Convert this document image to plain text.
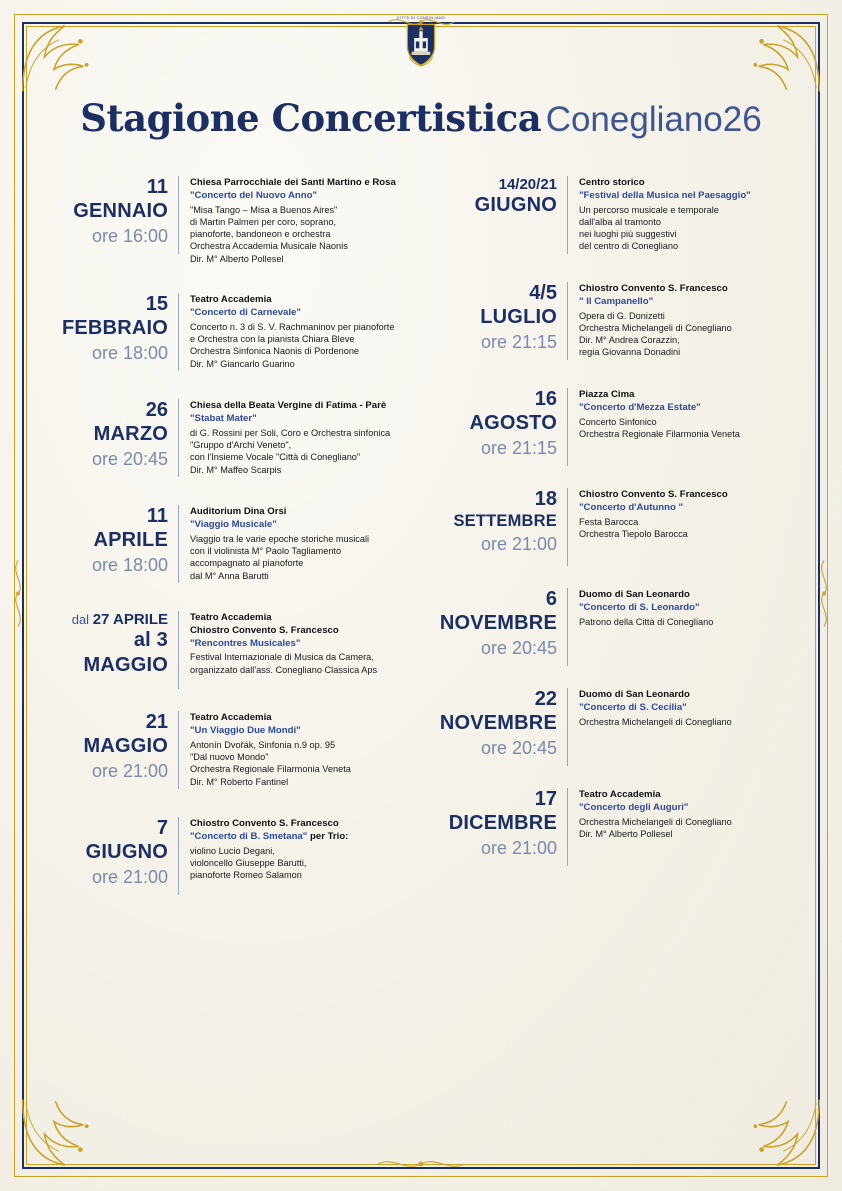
CITTÀ DI CONEGLIANO
Stagione Concertistica Conegliano26
11
GENNAIO
ore 16:00
Chiesa Parrocchiale dei Santi Martino e Rosa
"Concerto del Nuovo Anno"
"Misa Tango – Misa a Buenos Aires"
di Martin Palmeri per coro, soprano,
pianoforte, bandoneon e orchestra
Orchestra Accademia Musicale Naonis
Dir. M° Alberto Pollesel
15
FEBBRAIO
ore 18:00
Teatro Accademia
"Concerto di Carnevale"
Concerto n. 3 di S. V. Rachmaninov per pianoforte
e Orchestra con la pianista Chiara Bleve
Orchestra Sinfonica Naonis di Pordenone
Dir. M° Giancarlo Guarino
26
MARZO
ore 20:45
Chiesa della Beata Vergine di Fatima - Parè
"Stabat Mater"
di G. Rossini per Soli, Coro e Orchestra sinfonica
"Gruppo d'Archi Veneto",
con l'Insieme Vocale "Città di Conegliano"
Dir. M° Maffeo Scarpis
11
APRILE
ore 18:00
Auditorium Dina Orsi
"Viaggio Musicale"
Viaggio tra le varie epoche storiche musicali
con il violinista M° Paolo Tagliamento
accompagnato al pianoforte
dal M° Anna Barutti
dal 27 APRILE
al 3 MAGGIO
Teatro Accademia
Chiostro Convento S. Francesco
"Rencontres Musicales"
Festival Internazionale di Musica da Camera,
organizzato dall'ass. Conegliano Classica Aps
21
MAGGIO
ore 21:00
Teatro Accademia
"Un Viaggio Due Mondi"
Antonín Dvořák, Sinfonia n.9 op. 95
"Dal nuovo Mondo"
Orchestra Regionale Filarmonia Veneta
Dir. M° Roberto Fantinel
7
GIUGNO
ore 21:00
Chiostro Convento S. Francesco
"Concerto di B. Smetana" per Trio:
violino Lucio Degani,
violoncello Giuseppe Barutti,
pianoforte Romeo Salamon
14/20/21
GIUGNO
Centro storico
"Festival della Musica nel Paesaggio"
Un percorso musicale e temporale
dall'alba al tramonto
nei luoghi più suggestivi
del centro di Conegliano
4/5
LUGLIO
ore 21:15
Chiostro Convento S. Francesco
" Il Campanello"
Opera di G. Donizetti
Orchestra Michelangeli di Conegliano
Dir. M° Andrea Corazzin,
regia Giovanna Donadini
16
AGOSTO
ore 21:15
Piazza Cima
"Concerto d'Mezza Estate"
Concerto Sinfonico
Orchestra Regionale Filarmonia Veneta
18
SETTEMBRE
ore 21:00
Chiostro Convento S. Francesco
"Concerto d'Autunno "
Festa Barocca
Orchestra Tiepolo Barocca
6
NOVEMBRE
ore 20:45
Duomo di San Leonardo
"Concerto di S. Leonardo"
Patrono della Città di Conegliano
22
NOVEMBRE
ore 20:45
Duomo di San Leonardo
"Concerto di S. Cecilia"
Orchestra Michelangeli di Conegliano
17
DICEMBRE
ore 21:00
Teatro Accademia
"Concerto degli Auguri"
Orchestra Michelangeli di Conegliano
Dir. M° Alberto Pollesel
